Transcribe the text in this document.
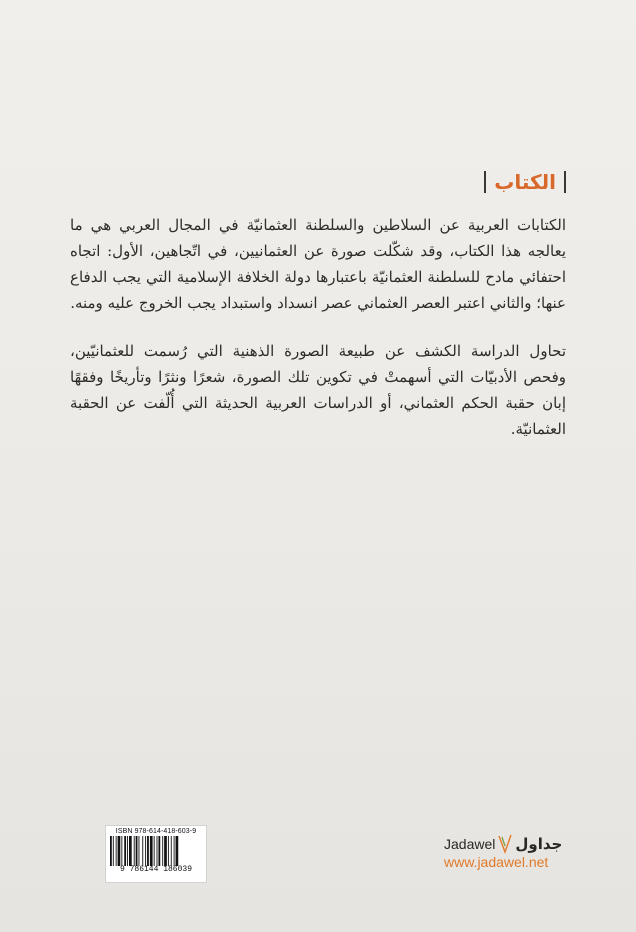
الكتاب
الكتابات العربية عن السلاطين والسلطنة العثمانيّة في المجال العربي هي ما يعالجه هذا الكتاب، وقد شكّلت صورة عن العثمانيين، في اتّجاهين، الأول: اتجاه احتفائي مادح للسلطنة العثمانيّة باعتبارها دولة الخلافة الإسلامية التي يجب الدفاع عنها؛ والثاني اعتبر العصر العثماني عصر انسداد واستبداد يجب الخروج عليه ومنه.
تحاول الدراسة الكشف عن طبيعة الصورة الذهنية التي رُسمت للعثمانيّين، وفحص الأدبيّات التي أسهمتْ في تكوين تلك الصورة، شعرًا ونثرًا وتأريخًا وفقهًا إبان حقبة الحكم العثماني، أو الدراسات العربية الحديثة التي أُلّفت عن الحقبة العثمانيّة.
ISBN 978-614-418-603-9
9 786144 186039
Jadawel جداول
www.jadawel.net
